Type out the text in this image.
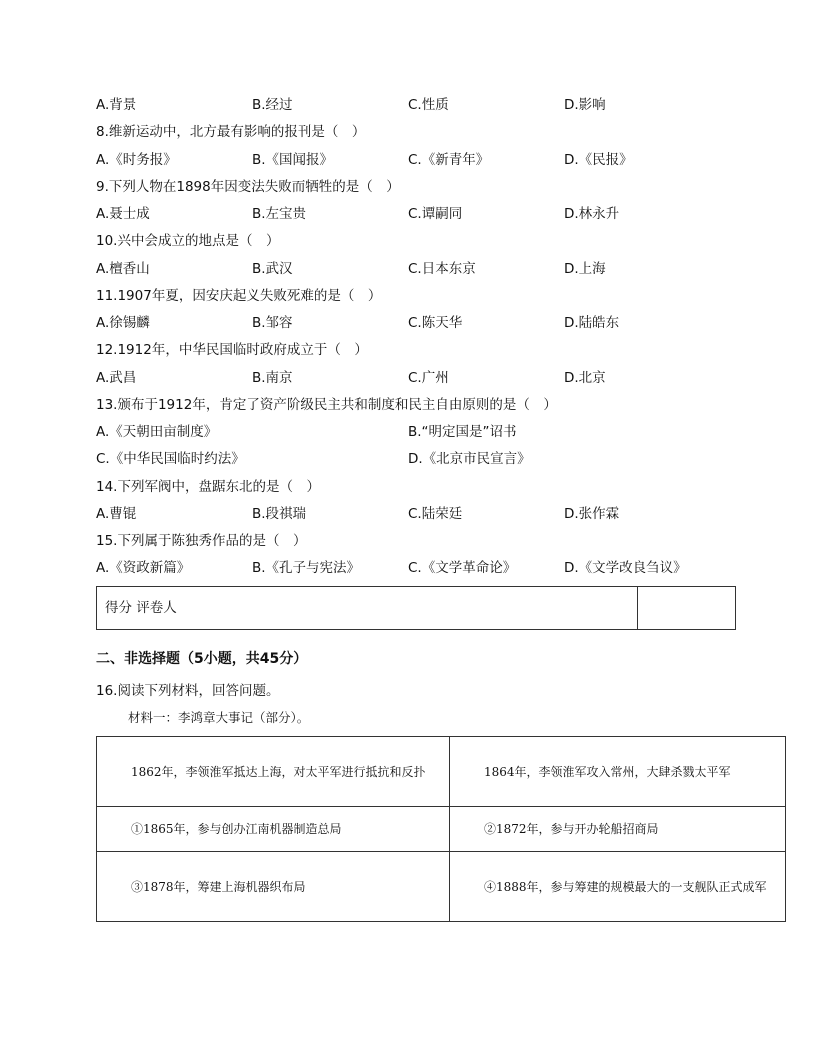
A.背景	B.经过	C.性质	D.影响
8.维新运动中，北方最有影响的报刊是（　）
A.《时务报》	B.《国闻报》	C.《新青年》	D.《民报》
9.下列人物在1898年因变法失败而牺牲的是（　）
A.聂士成	B.左宝贵	C.谭嗣同	D.林永升
10.兴中会成立的地点是（　）
A.檀香山	B.武汉	C.日本东京	D.上海
11.1907年夏，因安庆起义失败死难的是（　）
A.徐锡麟	B.邹容	C.陈天华	D.陆皓东
12.1912年，中华民国临时政府成立于（　）
A.武昌	B.南京	C.广州	D.北京
13.颁布于1912年，肯定了资产阶级民主共和制度和民主自由原则的是（　）
A.《天朝田亩制度》	B.“明定国是”诏书
C.《中华民国临时约法》	D.《北京市民宣言》
14.下列军阀中，盘踞东北的是（　）
A.曹锟	B.段祺瑞	C.陆荣廷	D.张作霖
15.下列属于陈独秀作品的是（　）
A.《资政新篇》	B.《孔子与宪法》	C.《文学革命论》	D.《文学改良刍议》
得分 评卷人
二、非选择题（5小题，共45分）
16.阅读下列材料，回答问题。
材料一：李鸿章大事记（部分）。
1862年，李领淮军抵达上海，对太平军进行抵抗和反扑	1864年，李领淮军攻入常州，大肆杀戮太平军
①1865年，参与创办江南机器制造总局	②1872年，参与开办轮船招商局
③1878年，筹建上海机器织布局	④1888年，参与筹建的规模最大的一支舰队正式成军
